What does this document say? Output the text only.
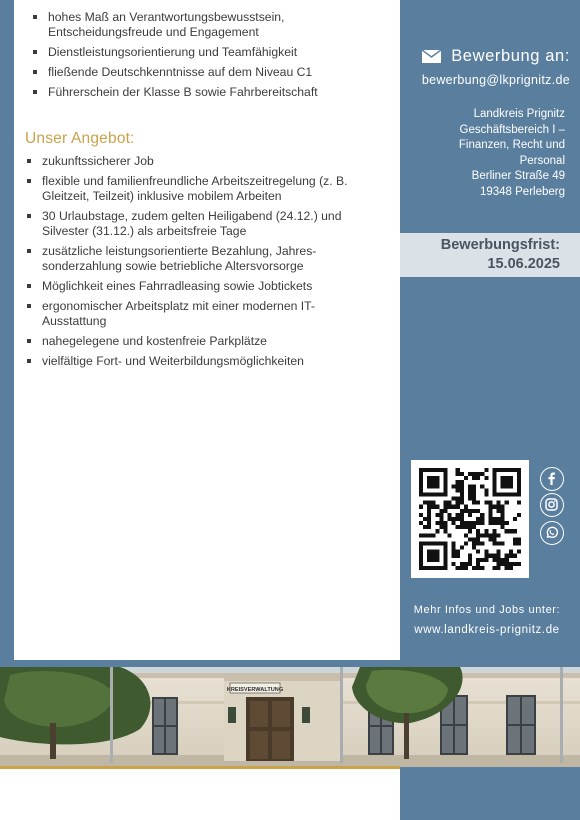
hohes Maß an Verantwortungsbewusstsein, Entscheidungsfreude und Engagement
Dienstleistungsorientierung und Teamfähigkeit
fließende Deutschkenntnisse auf dem Niveau C1
Führerschein der Klasse B sowie Fahrbereitschaft
Unser Angebot:
zukunftssicherer Job
flexible und familienfreundliche Arbeitszeitregelung (z. B. Gleitzeit, Teilzeit) inklusive mobilem Arbeiten
30 Urlaubstage, zudem gelten Heiligabend (24.12.) und Silvester (31.12.) als arbeitsfreie Tage
zusätzliche leistungsorientierte Bezahlung, Jahres-sonderzahlung sowie betriebliche Altersvorsorge
Möglichkeit eines Fahrradleasing sowie Jobtickets
ergonomischer Arbeitsplatz mit einer modernen IT-Ausstattung
nahegelegene und kostenfreie Parkplätze
vielfältige Fort- und Weiterbildungsmöglichkeiten
Bewerbung an:
bewerbung@lkprignitz.de
Landkreis Prignitz
Geschäftsbereich I –
Finanzen, Recht und
Personal
Berliner Straße 49
19348 Perleberg
Bewerbungsfrist:
15.06.2025
Mehr Infos und Jobs unter:
www.landkreis-prignitz.de
KREISVERWALTUNG
